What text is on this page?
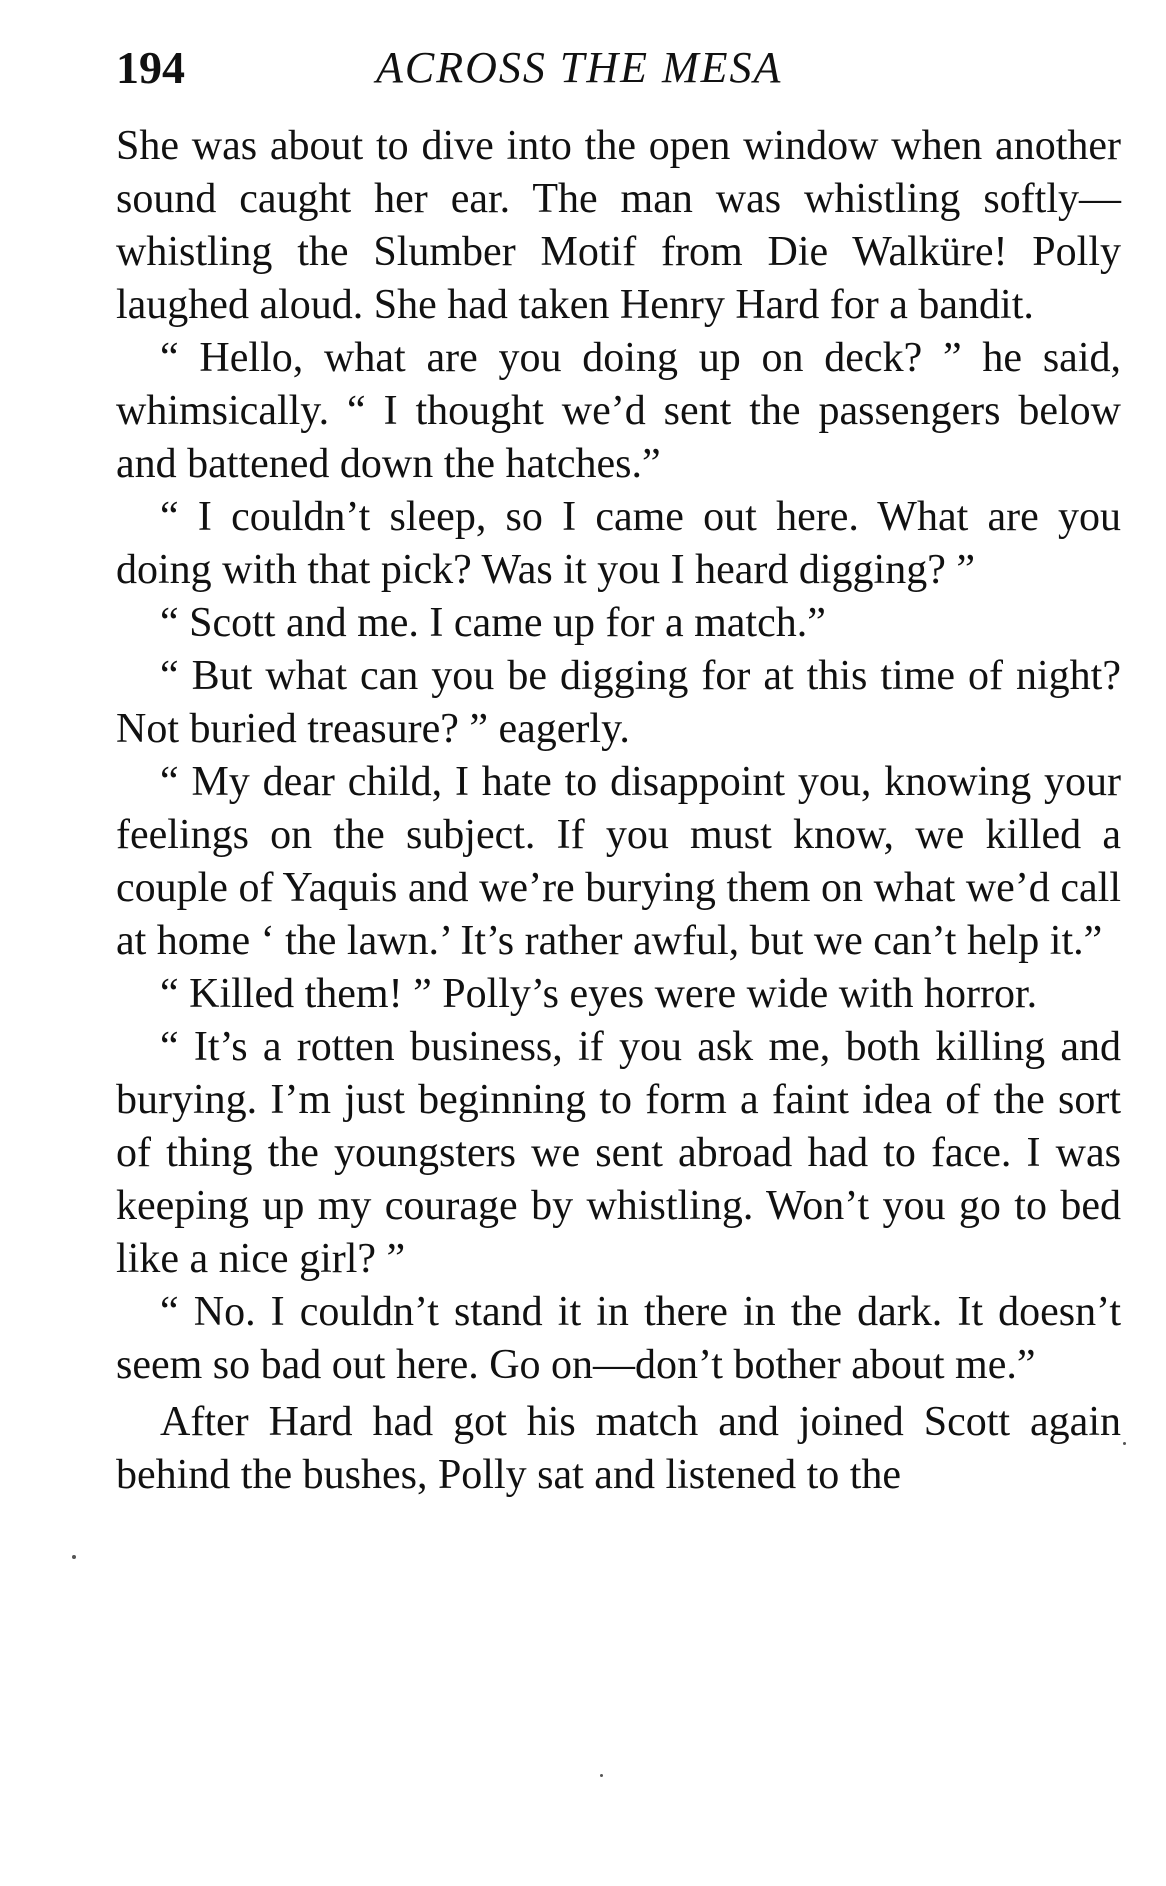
194	ACROSS THE MESA

She was about to dive into the open window when another sound caught her ear. The man was whistling softly—whistling the Slumber Motif from Die Walküre! Polly laughed aloud. She had taken Henry Hard for a bandit.

“ Hello, what are you doing up on deck? ” he said, whimsically. “ I thought we’d sent the passengers below and battened down the hatches.”

“ I couldn’t sleep, so I came out here. What are you doing with that pick? Was it you I heard digging? ”

“ Scott and me. I came up for a match.”

“ But what can you be digging for at this time of night? Not buried treasure? ” eagerly.

“ My dear child, I hate to disappoint you, knowing your feelings on the subject. If you must know, we killed a couple of Yaquis and we’re burying them on what we’d call at home ‘ the lawn.’ It’s rather awful, but we can’t help it.”

“ Killed them! ” Polly’s eyes were wide with horror.

“ It’s a rotten business, if you ask me, both killing and burying. I’m just beginning to form a faint idea of the sort of thing the youngsters we sent abroad had to face. I was keeping up my courage by whistling. Won’t you go to bed like a nice girl? ”

“ No. I couldn’t stand it in there in the dark. It doesn’t seem so bad out here. Go on—don’t bother about me.”

After Hard had got his match and joined Scott again behind the bushes, Polly sat and listened to the
